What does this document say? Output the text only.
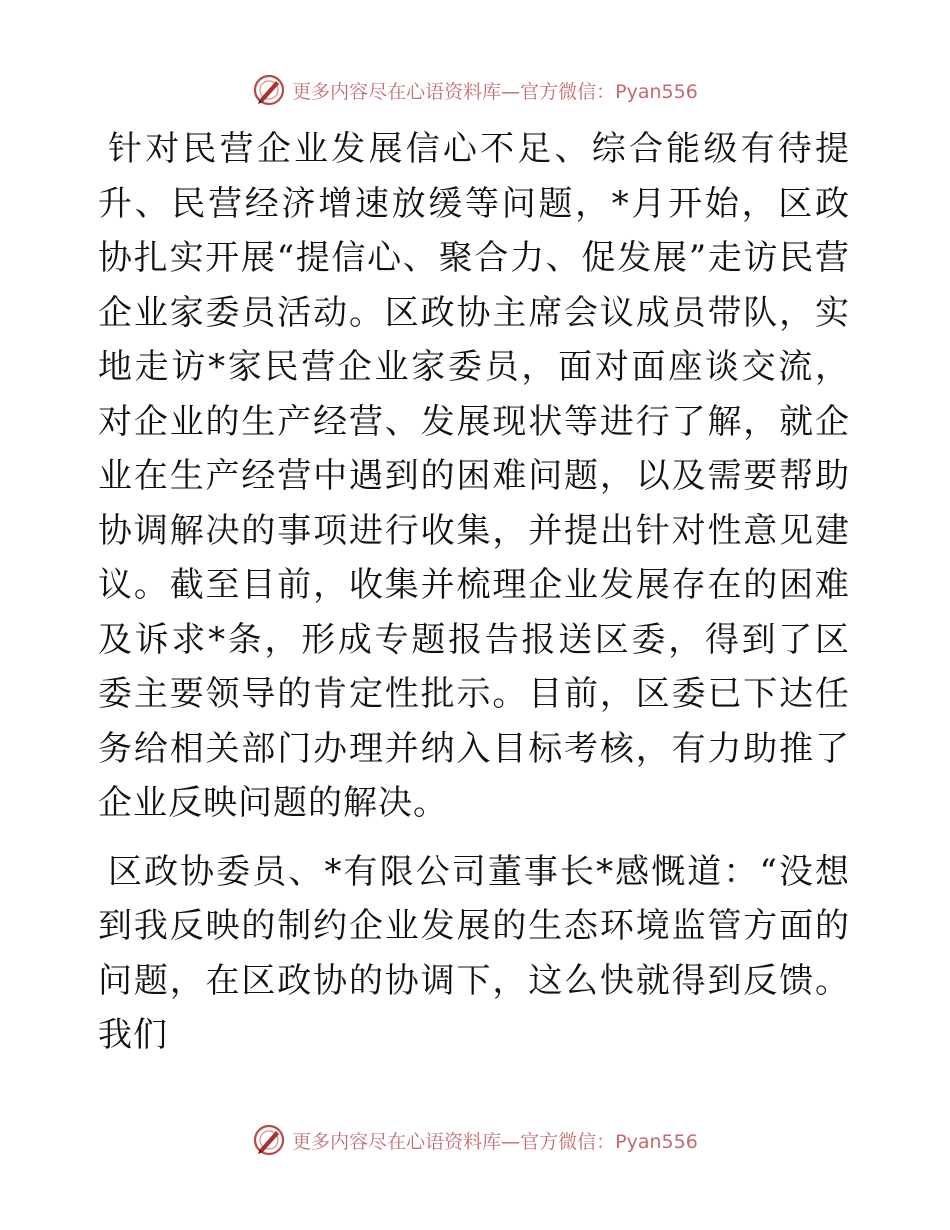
更多内容尽在心语资料库—官方微信：Pyan556

针对民营企业发展信心不足、综合能级有待提升、民营经济增速放缓等问题，*月开始，区政协扎实开展“提信心、聚合力、促发展”走访民营企业家委员活动。区政协主席会议成员带队，实地走访*家民营企业家委员，面对面座谈交流，对企业的生产经营、发展现状等进行了解，就企业在生产经营中遇到的困难问题，以及需要帮助协调解决的事项进行收集，并提出针对性意见建议。截至目前，收集并梳理企业发展存在的困难及诉求*条，形成专题报告报送区委，得到了区委主要领导的肯定性批示。目前，区委已下达任务给相关部门办理并纳入目标考核，有力助推了企业反映问题的解决。

区政协委员、*有限公司董事长*感慨道：“没想到我反映的制约企业发展的生态环境监管方面的问题，在区政协的协调下，这么快就得到反馈。我们

更多内容尽在心语资料库—官方微信：Pyan556
